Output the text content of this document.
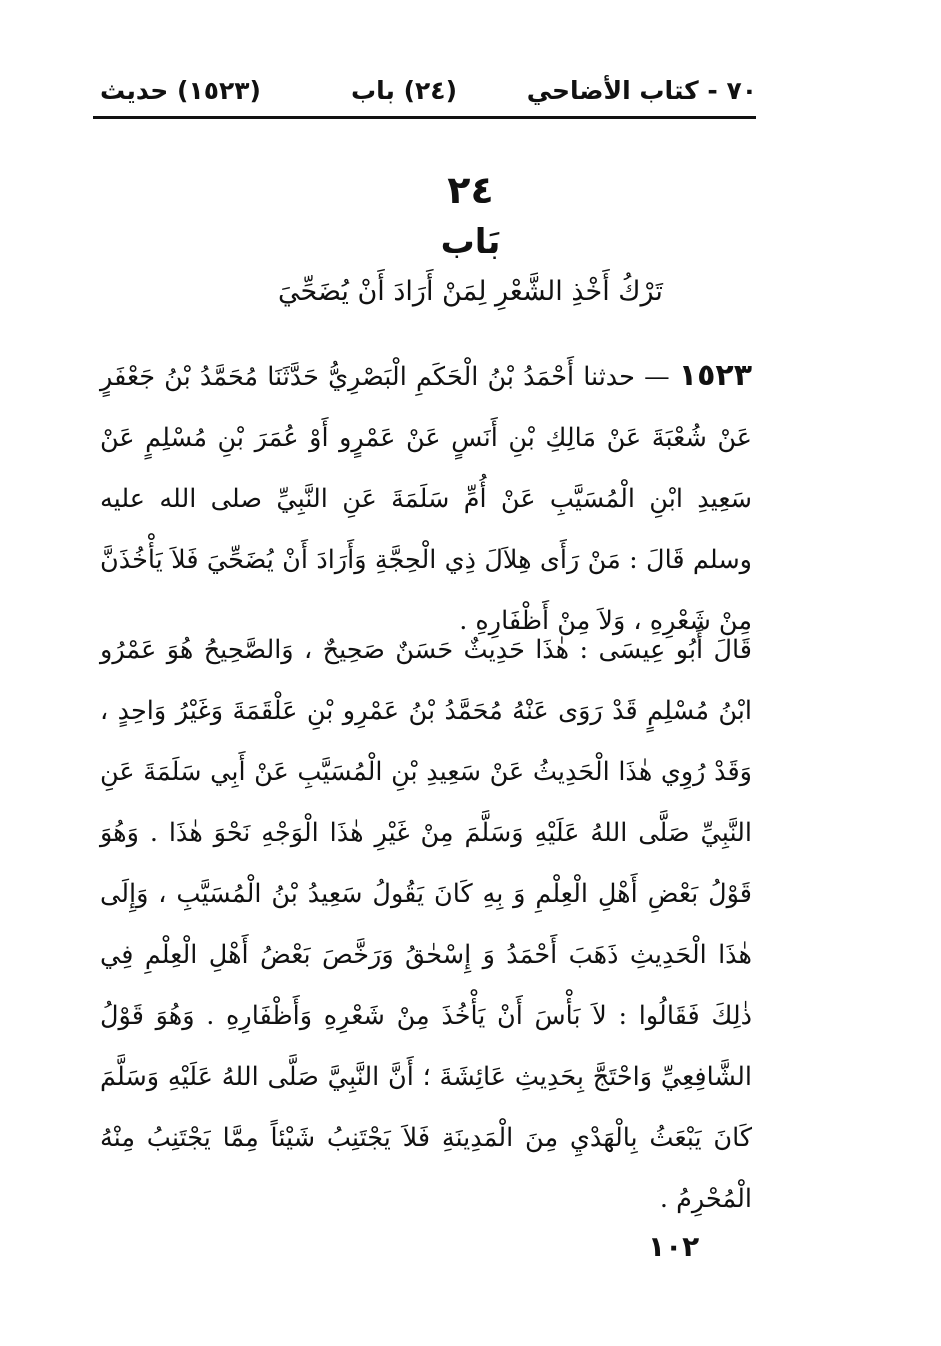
٧٠ - كتاب الأضاحي
(٢٤) باب
(١٥٢٣) حديث
٢٤
بَاب
تَرْكُ أَخْذِ الشَّعْرِ لِمَنْ أَرَادَ أَنْ يُضَحِّيَ
١٥٢٣ — حدثنا أَحْمَدُ بْنُ الْحَكَمِ الْبَصْرِيُّ حَدَّثَنَا مُحَمَّدُ بْنُ جَعْفَرٍ عَنْ شُعْبَةَ عَنْ مَالِكِ بْنِ أَنَسٍ عَنْ عَمْرٍو أَوْ عُمَرَ بْنِ مُسْلِمٍ عَنْ سَعِيدِ ابْنِ الْمُسَيَّبِ عَنْ أُمِّ سَلَمَةَ عَنِ النَّبِيِّ صلى الله عليه وسلم قَالَ : مَنْ رَأَى هِلاَلَ ذِي الْحِجَّةِ وَأَرَادَ أَنْ يُضَحِّيَ فَلاَ يَأْخُذَنَّ مِنْ شَعْرِهِ ، وَلاَ مِنْ أَظْفَارِهِ .
قَالَ أَبُو عِيسَى : هٰذَا حَدِيثٌ حَسَنٌ صَحِيحٌ ، وَالصَّحِيحُ هُوَ عَمْرُو ابْنُ مُسْلِمٍ قَدْ رَوَى عَنْهُ مُحَمَّدُ بْنُ عَمْرِو بْنِ عَلْقَمَةَ وَغَيْرُ وَاحِدٍ ، وَقَدْ رُوِي هٰذَا الْحَدِيثُ عَنْ سَعِيدِ بْنِ الْمُسَيَّبِ عَنْ أَبِي سَلَمَةَ عَنِ النَّبِيِّ صَلَّى اللهُ عَلَيْهِ وَسَلَّمَ مِنْ غَيْرِ هٰذَا الْوَجْهِ نَحْوَ هٰذَا . وَهُوَ قَوْلُ بَعْضِ أَهْلِ الْعِلْمِ وَ بِهِ كَانَ يَقُولُ سَعِيدُ بْنُ الْمُسَيَّبِ ، وَإِلَى هٰذَا الْحَدِيثِ ذَهَبَ أَحْمَدُ وَ إِسْحٰقُ وَرَخَّصَ بَعْضُ أَهْلِ الْعِلْمِ فِي ذٰلِكَ فَقَالُوا : لاَ بَأْسَ أَنْ يَأْخُذَ مِنْ شَعْرِهِ وَأَظْفَارِهِ . وَهُوَ قَوْلُ الشَّافِعِيِّ وَاحْتَجَّ بِحَدِيثِ عَائِشَةَ ؛ أَنَّ النَّبِيَّ صَلَّى اللهُ عَلَيْهِ وَسَلَّمَ كَانَ يَبْعَثُ بِالْهَدْيِ مِنَ الْمَدِينَةِ فَلاَ يَجْتَنِبُ شَيْئاً مِمَّا يَجْتَنِبُ مِنْهُ الْمُحْرِمُ .
١٠٢
